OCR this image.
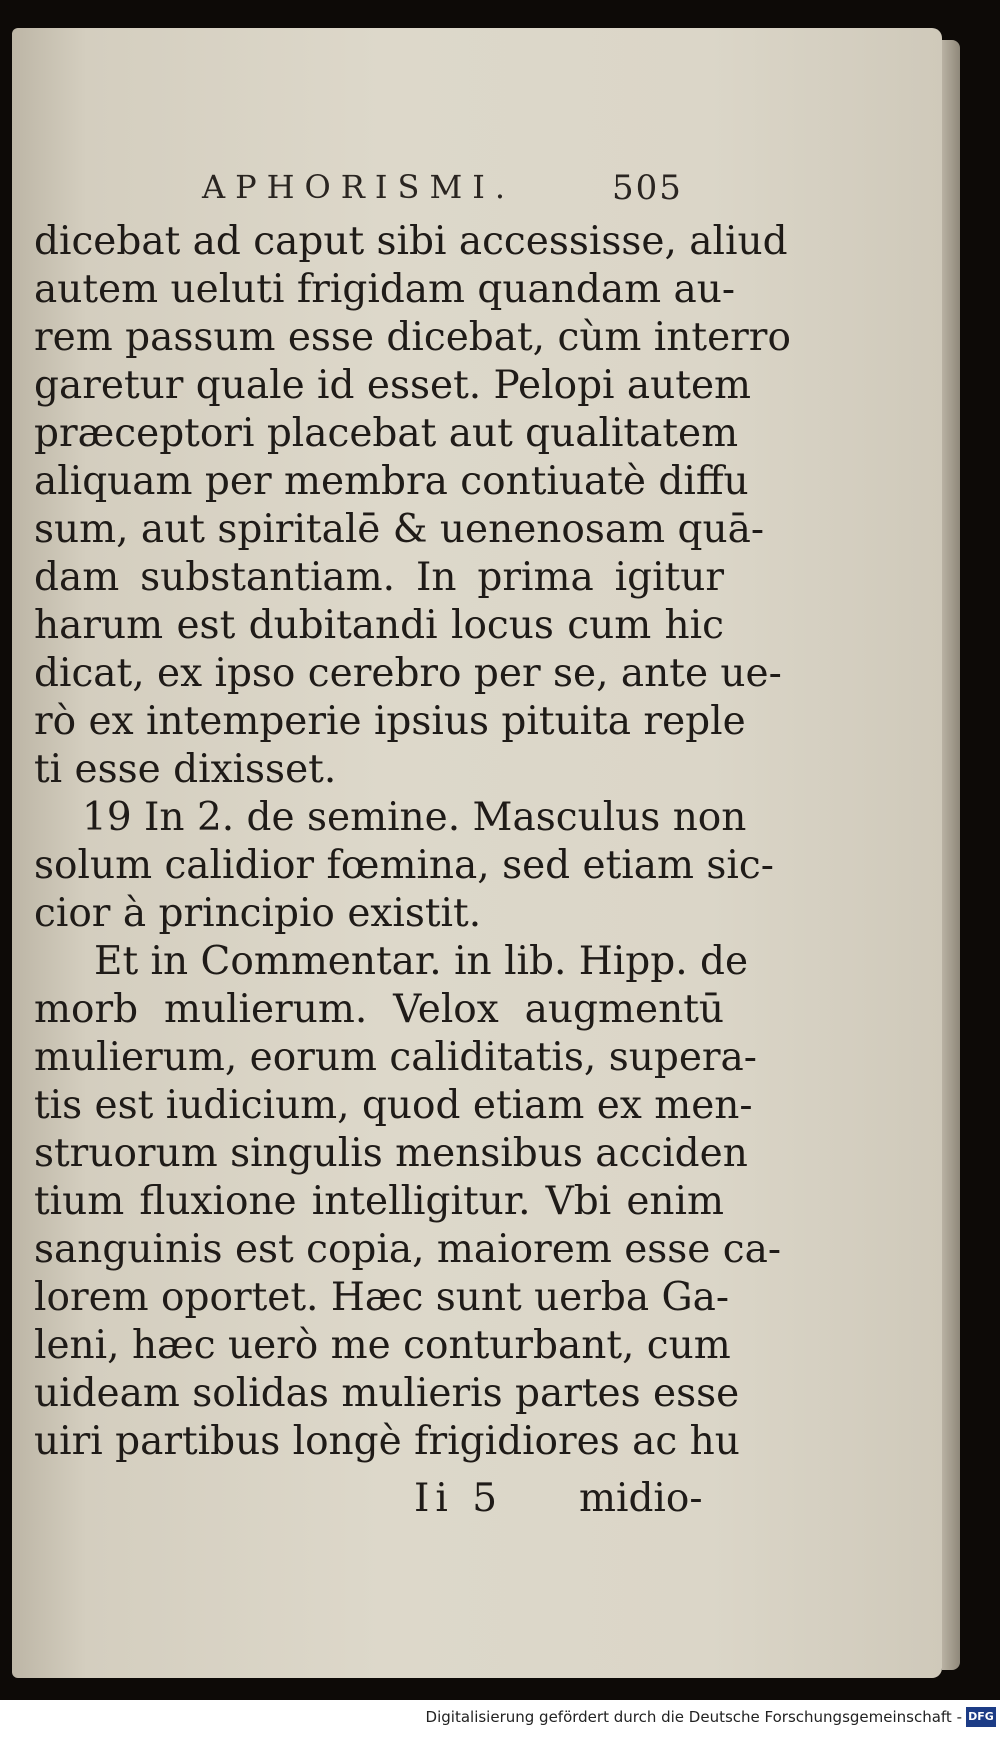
APHORISMI.	505
dicebat ad caput sibi accessisse, aliud
autem ueluti frigidam quandam au-
rem passum esse dicebat, cùm interro
garetur quale id esset. Pelopi autem
præceptori placebat aut qualitatem
aliquam per membra contiuatè diffu
sum, aut spiritalē & uenenosam quā-
dam substantiam. In prima igitur
harum est dubitandi locus cum hic
dicat, ex ipso cerebro per se, ante ue-
rò ex intemperie ipsius pituita reple
ti esse dixisset.
19 In 2. de semine. Masculus non
solum calidior fœmina, sed etiam sic-
cior à principio existit.
Et in Commentar. in lib. Hipp. de
morb mulierum. Velox augmentū
mulierum, eorum caliditatis, supera-
tis est iudicium, quod etiam ex men-
struorum singulis mensibus acciden
tium fluxione intelligitur. Vbi enim
sanguinis est copia, maiorem esse ca-
lorem oportet. Hæc sunt uerba Ga-
leni, hæc uerò me conturbant, cum
uideam solidas mulieris partes esse
uiri partibus longè frigidiores ac hu
Ii 5 midio-
Digitalisierung gefördert durch die Deutsche Forschungsgemeinschaft - DFG
